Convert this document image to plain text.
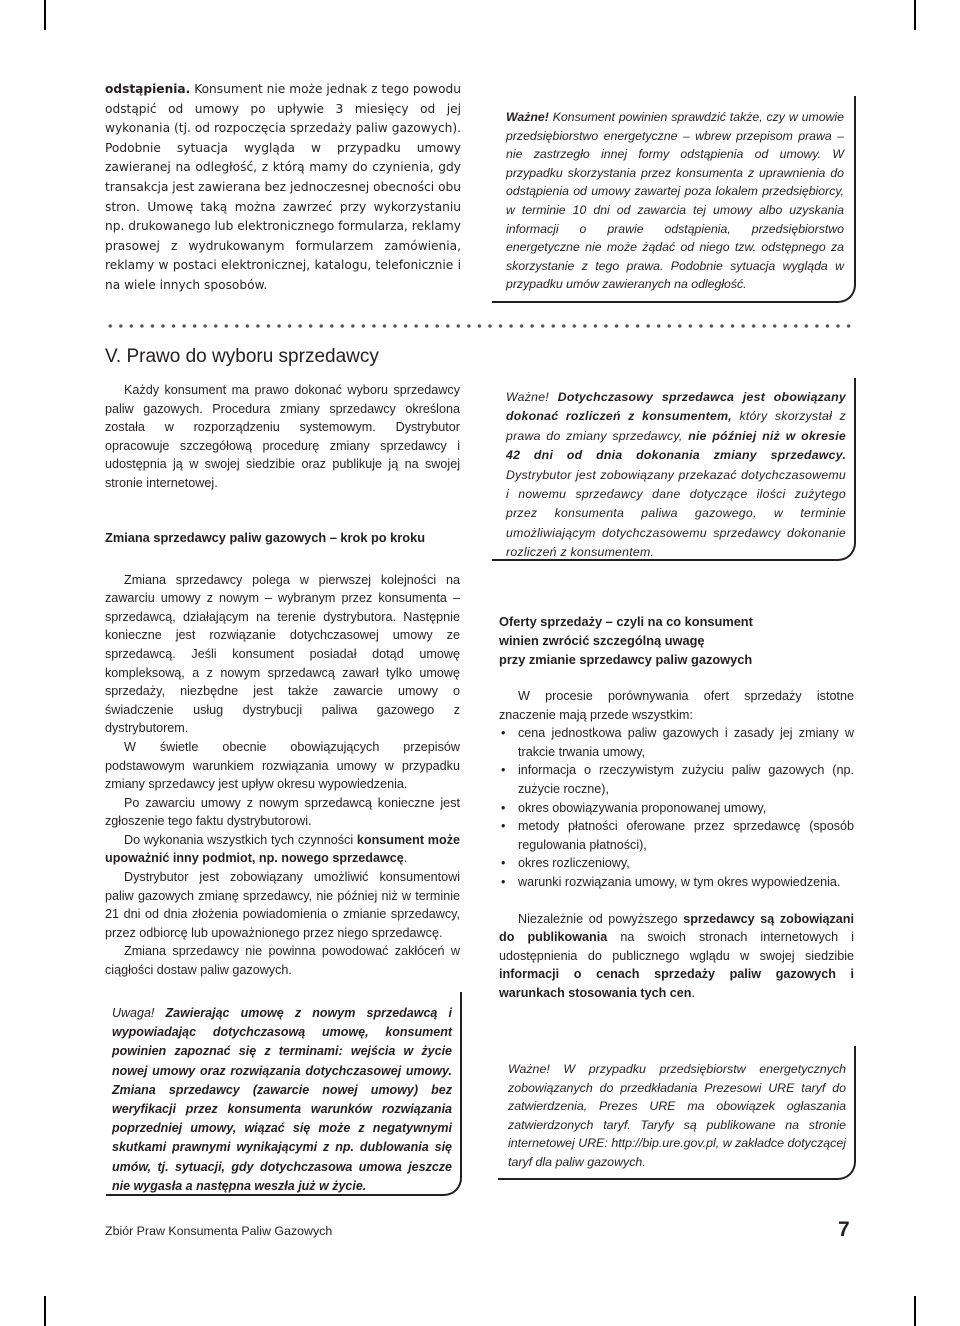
odstąpienia. Konsument nie może jednak z tego powodu odstąpić od umowy po upływie 3 miesięcy od jej wykonania (tj. od rozpoczęcia sprzedaży paliw gazowych). Podobnie sytuacja wygląda w przypadku umowy zawieranej na odległość, z którą mamy do czynienia, gdy transakcja jest zawierana bez jednoczesnej obecności obu stron. Umowę taką można zawrzeć przy wykorzystaniu np. drukowanego lub elektronicznego formularza, reklamy prasowej z wydrukowanym formularzem zamówienia, reklamy w postaci elektronicznej, katalogu, telefonicznie i na wiele innych sposobów.

Ważne! Konsument powinien sprawdzić także, czy w umowie przedsiębiorstwo energetyczne – wbrew przepisom prawa – nie zastrzegło innej formy odstąpienia od umowy. W przypadku skorzystania przez konsumenta z uprawnienia do odstąpienia od umowy zawartej poza lokalem przedsiębiorcy, w terminie 10 dni od zawarcia tej umowy albo uzyskania informacji o prawie odstąpienia, przedsiębiorstwo energetyczne nie może żądać od niego tzw. odstępnego za skorzystanie z tego prawa. Podobnie sytuacja wygląda w przypadku umów zawieranych na odległość.

V. Prawo do wyboru sprzedawcy

Każdy konsument ma prawo dokonać wyboru sprzedawcy paliw gazowych. Procedura zmiany sprzedawcy określona została w rozporządzeniu systemowym. Dystrybutor opracowuje szczegółową procedurę zmiany sprzedawcy i udostępnia ją w swojej siedzibie oraz publikuje ją na swojej stronie internetowej.

Zmiana sprzedawcy paliw gazowych – krok po kroku

Zmiana sprzedawcy polega w pierwszej kolejności na zawarciu umowy z nowym – wybranym przez konsumenta – sprzedawcą, działającym na terenie dystrybutora. Następnie konieczne jest rozwiązanie dotychczasowej umowy ze sprzedawcą. Jeśli konsument posiadał dotąd umowę kompleksową, a z nowym sprzedawcą zawarł tylko umowę sprzedaży, niezbędne jest także zawarcie umowy o świadczenie usług dystrybucji paliwa gazowego z dystrybutorem.

W świetle obecnie obowiązujących przepisów podstawowym warunkiem rozwiązania umowy w przypadku zmiany sprzedawcy jest upływ okresu wypowiedzenia.

Po zawarciu umowy z nowym sprzedawcą konieczne jest zgłoszenie tego faktu dystrybutorowi.

Do wykonania wszystkich tych czynności konsument może upoważnić inny podmiot, np. nowego sprzedawcę.

Dystrybutor jest zobowiązany umożliwić konsumentowi paliw gazowych zmianę sprzedawcy, nie później niż w terminie 21 dni od dnia złożenia powiadomienia o zmianie sprzedawcy, przez odbiorcę lub upoważnionego przez niego sprzedawcę.

Zmiana sprzedawcy nie powinna powodować zakłóceń w ciągłości dostaw paliw gazowych.

Uwaga! Zawierając umowę z nowym sprzedawcą i wypowiadając dotychczasową umowę, konsument powinien zapoznać się z terminami: wejścia w życie nowej umowy oraz rozwiązania dotychczasowej umowy. Zmiana sprzedawcy (zawarcie nowej umowy) bez weryfikacji przez konsumenta warunków rozwiązania poprzedniej umowy, wiązać się może z negatywnymi skutkami prawnymi wynikającymi z np. dublowania się umów, tj. sytuacji, gdy dotychczasowa umowa jeszcze nie wygasła a następna weszła już w życie.

Ważne! Dotychczasowy sprzedawca jest obowiązany dokonać rozliczeń z konsumentem, który skorzystał z prawa do zmiany sprzedawcy, nie później niż w okresie 42 dni od dnia dokonania zmiany sprzedawcy. Dystrybutor jest zobowiązany przekazać dotychczasowemu i nowemu sprzedawcy dane dotyczące ilości zużytego przez konsumenta paliwa gazowego, w terminie umożliwiającym dotychczasowemu sprzedawcy dokonanie rozliczeń z konsumentem.

Oferty sprzedaży – czyli na co konsument

winien zwrócić szczególną uwagę

przy zmianie sprzedawcy paliw gazowych

W procesie porównywania ofert sprzedaży istotne znaczenie mają przede wszystkim:

• cena jednostkowa paliw gazowych i zasady jej zmiany w trakcie trwania umowy,
• informacja o rzeczywistym zużyciu paliw gazowych (np. zużycie roczne),
• okres obowiązywania proponowanej umowy,
• metody płatności oferowane przez sprzedawcę (sposób regulowania płatności),
• okres rozliczeniowy,
• warunki rozwiązania umowy, w tym okres wypowiedzenia.

Niezależnie od powyższego sprzedawcy są zobowiązani do publikowania na swoich stronach internetowych i udostępnienia do publicznego wglądu w swojej siedzibie informacji o cenach sprzedaży paliw gazowych i warunkach stosowania tych cen.

Ważne! W przypadku przedsiębiorstw energetycznych zobowiązanych do przedkładania Prezesowi URE taryf do zatwierdzenia, Prezes URE ma obowiązek ogłaszania zatwierdzonych taryf. Taryfy są publikowane na stronie internetowej URE: http://bip.ure.gov.pl, w zakładce dotyczącej taryf dla paliw gazowych.

Zbiór Praw Konsumenta Paliw Gazowych	7
